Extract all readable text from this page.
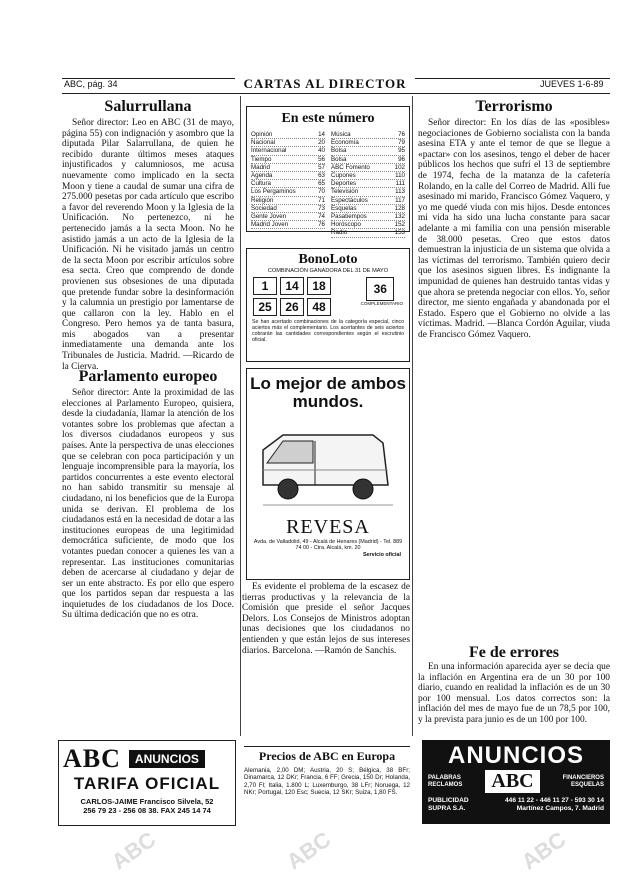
ABC	ABC	ABC
ABC, pág. 34	CARTAS AL DIRECTOR	JUEVES 1-6-89
Salurrullana

Señor director: Leo en ABC (31 de mayo, página 55) con indignación y asombro que la diputada Pilar Salarrullana, de quien he recibido durante últimos meses ataques injustificados y calumniosos, me acusa nuevamente como implicado en la secta Moon y tiene a caudal de sumar una cifra de 275.000 pesetas por cada artículo que escribo a favor del reverendo Moon y la Iglesia de la Unificación. No pertenezco, ni he pertenecido jamás a la secta Moon. No he asistido jamás a un acto de la Iglesia de la Unificación. Ni he visitado jamás un centro de la secta Moon por escribir artículos sobre esa secta. Creo que comprendo de donde provienen sus obsesiones de una diputada que pretende fundar sobre la desinformación y la calumnia un prestigio por lamentarse de que callaron con la ley. Hablo en el Congreso. Pero hemos ya de tanta basura, mis abogados van a presentar inmediatamente una demanda ante los Tribunales de Justicia. Madrid. —Ricardo de la Cierva.

Parlamento europeo

Señor director: Ante la proximidad de las elecciones al Parlamento Europeo, quisiera, desde la ciudadanía, llamar la atención de los votantes sobre los problemas que afectan a los diversos ciudadanos europeos y sus países. Ante la perspectiva de unas elecciones que se celebran con poca participación y un lenguaje incomprensible para la mayoría, los partidos concurrentes a este evento electoral no han sabido transmitir su mensaje al ciudadano, ni los beneficios que de la Europa unida se derivan. El problema de los ciudadanos está en la necesidad de dotar a las instituciones europeas de una legitimidad democrática suficiente, de modo que los votantes puedan conocer a quienes les van a representar. Las instituciones comunitarias deben de acercarse al ciudadano y dejar de ser un ente abstracto. Es por ello que espero que los partidos sepan dar respuesta a las inquietudes de los ciudadanos de los Doce. Su última dedicación que no es otra.

ABC	ANUNCIOS
TARIFA OFICIAL
CARLOS-JAIME Francisco Silvela, 52
256 79 23 - 256 08 38. FAX 245 14 74
En este número
Opinión	14
Nacional	20
Internacional	40
Tiempo	56
Madrid	57
Agenda	63
Cultura	65
Los Pergaminos	70
Religión	71
Sociedad	73
Gente Joven	74
Madrid Joven	76
Música	76
Economía	79
Bolsa	95
Bolsa	96
ABC Fomento	102
Cupones	110
Deportes	111
Televisión	113
Espectáculos	117
Esquelas	128
Pasatiempos	132
Horóscopo	152
Radio	153
BonoLoto
COMBINACIÓN GANADORA DEL 31 DE MAYO
1 14 18
25 26 48
36
COMPLEMENTARIO
Se han acertado combinaciones de la categoría especial, cinco aciertos más el complementario. Los acertantes de seis aciertos cobrarán las cantidades correspondientes según el escrutinio oficial.
Lo mejor de ambos mundos.
REVESA
Avda. de Valladolid, 49 - Alcalá de Henares (Madrid) - Tel. 889 74 00 - Ctra. Alcalá, km. 20
Servicio oficial

Es evidente el problema de la escasez de tierras productivas y la relevancia de la Comisión que preside el señor Jacques Delors. Los Consejos de Ministros adoptan unas decisiones que los ciudadanos no entienden y que están lejos de sus intereses diarios. Barcelona. —Ramón de Sanchis.

Precios de ABC en Europa
Alemania, 2,00 DM; Austria, 20 S; Bélgica, 38 BFr; Dinamarca, 12 DKr; Francia, 6 FF; Grecia, 150 Dr; Holanda, 2,70 Fl; Italia, 1.800 L; Luxemburgo, 38 LFr; Noruega, 12 NKr; Portugal, 120 Esc; Suecia, 12 SKr; Suiza, 1,80 FS.
Terrorismo

Señor director: En los días de las «posibles» negociaciones de Gobierno socialista con la banda asesina ETA y ante el temor de que se llegue a «pactar» con los asesinos, tengo el deber de hacer públicos los hechos que sufrí el 13 de septiembre de 1974, fecha de la matanza de la cafetería Rolando, en la calle del Correo de Madrid. Allí fue asesinado mi marido, Francisco Gómez Vaquero, y yo me quedé viuda con mis hijos. Desde entonces mi vida ha sido una lucha constante para sacar adelante a mi familia con una pensión miserable de 38.000 pesetas. Creo que estos datos demuestran la injusticia de un sistema que olvida a las víctimas del terrorismo. También quiero decir que los asesinos siguen libres. Es indignante la impunidad de quienes han destruido tantas vidas y que ahora se pretenda negociar con ellos. Yo, señor director, me siento engañada y abandonada por el Estado. Espero que el Gobierno no olvide a las víctimas. Madrid. —Blanca Cordón Aguilar, viuda de Francisco Gómez Vaquero.

Fe de errores

En una información aparecida ayer se decía que la inflación en Argentina era de un 30 por 100 diario, cuando en realidad la inflación es de un 30 por 100 mensual. Los datos correctos son: la inflación del mes de mayo fue de un 78,5 por 100, y la prevista para junio es de un 100 por 100.

ANUNCIOS
PALABRAS
RECLAMOS	ABC	FINANCIEROS
ESQUELAS
PUBLICIDAD	446 11 22 - 446 11 27 - 593 30 14
SUPRA S.A.	Martínez Campos, 7. Madrid
